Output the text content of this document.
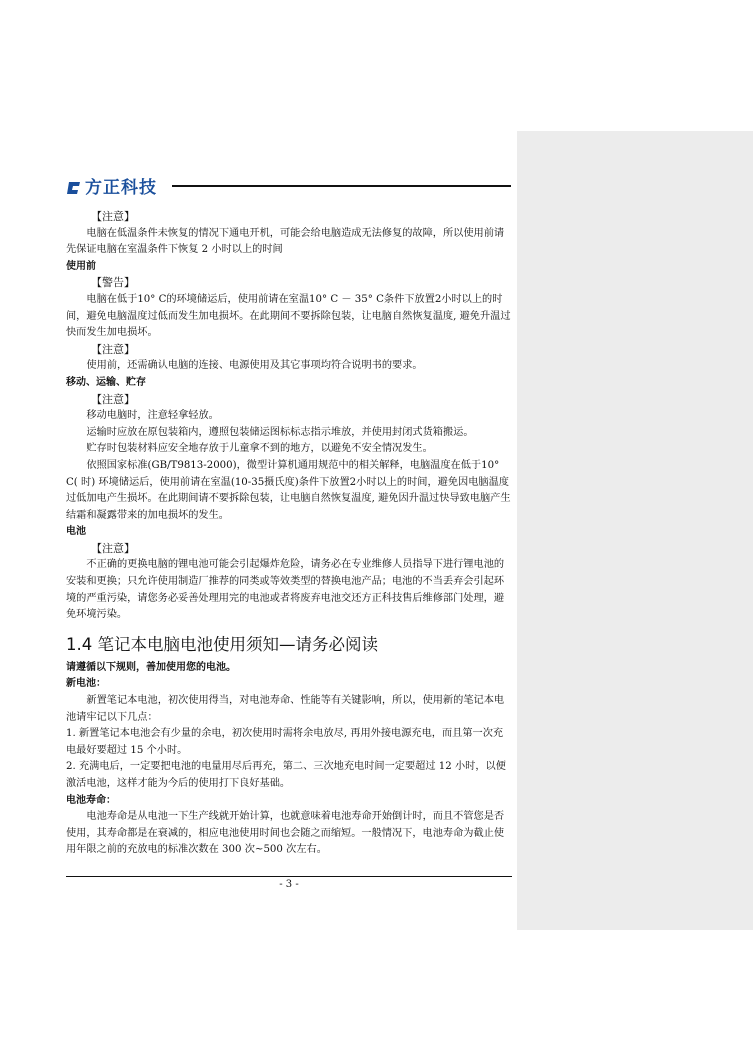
方正科技

【注意】

电脑在低温条件未恢复的情况下通电开机，可能会给电脑造成无法修复的故障，所以使用前请先保证电脑在室温条件下恢复 2 小时以上的时间

使用前

【警告】

电脑在低于10° C的环境储运后，使用前请在室温10° C － 35° C条件下放置2小时以上的时间，避免电脑温度过低而发生加电损坏。在此期间不要拆除包装，让电脑自然恢复温度, 避免升温过快而发生加电损坏。

【注意】

使用前，还需确认电脑的连接、电源使用及其它事项均符合说明书的要求。

移动、运输、贮存

【注意】

移动电脑时，注意轻拿轻放。

运输时应放在原包装箱内，遵照包装储运图标标志指示堆放，并使用封闭式货箱搬运。

贮存时包装材料应安全地存放于儿童拿不到的地方，以避免不安全情况发生。

依照国家标准(GB/T9813-2000)，微型计算机通用规范中的相关解释，电脑温度在低于10° C( 时) 环境储运后，使用前请在室温(10-35摄氏度)条件下放置2小时以上的时间，避免因电脑温度过低加电产生损坏。在此期间请不要拆除包装，让电脑自然恢复温度, 避免因升温过快导致电脑产生结霜和凝露带来的加电损坏的发生。

电池

【注意】

不正确的更换电脑的锂电池可能会引起爆炸危险，请务必在专业维修人员指导下进行锂电池的安装和更换；只允许使用制造厂推荐的同类或等效类型的替换电池产品；电池的不当丢弃会引起环境的严重污染，请您务必妥善处理用完的电池或者将废弃电池交还方正科技售后维修部门处理，避免环境污染。

1.4 笔记本电脑电池使用须知—请务必阅读

请遵循以下规则，善加使用您的电池。

新电池：

新置笔记本电池，初次使用得当，对电池寿命、性能等有关键影响，所以，使用新的笔记本电池请牢记以下几点：

1. 新置笔记本电池会有少量的余电，初次使用时需将余电放尽, 再用外接电源充电，而且第一次充电最好要超过 15 个小时。

2. 充满电后，一定要把电池的电量用尽后再充，第二、三次地充电时间一定要超过 12 小时，以便激活电池，这样才能为今后的使用打下良好基础。

电池寿命：

电池寿命是从电池一下生产线就开始计算，也就意味着电池寿命开始倒计时，而且不管您是否使用，其寿命都是在衰减的，相应电池使用时间也会随之而缩短。一般情况下，电池寿命为截止使用年限之前的充放电的标准次数在 300 次~500 次左右。

- 3 -
